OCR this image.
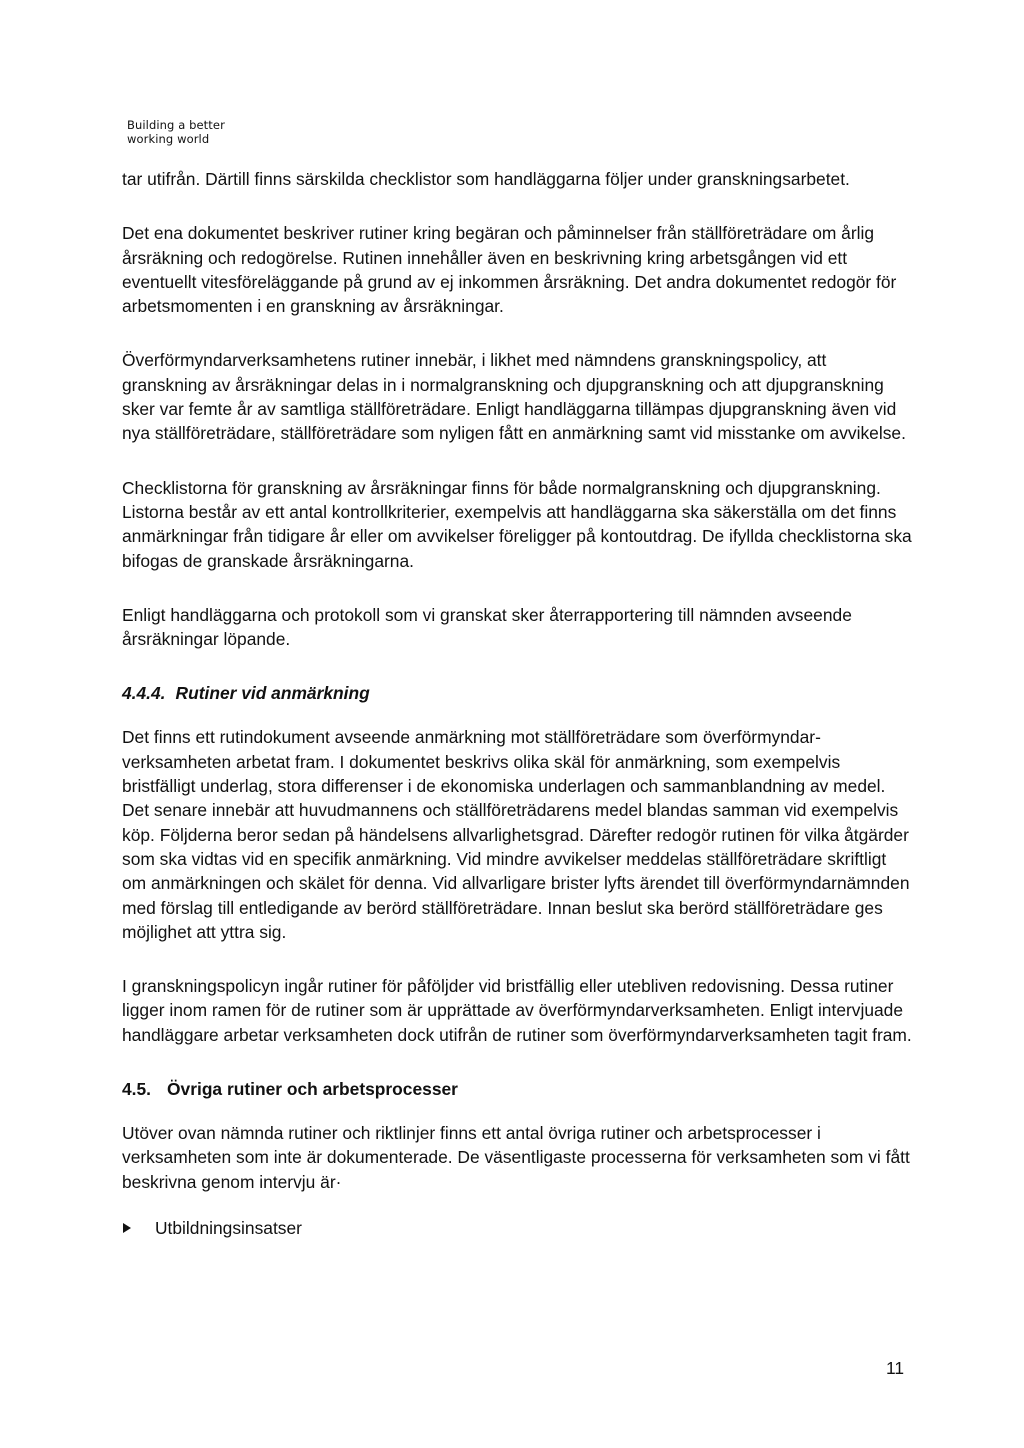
Building a better
working world

tar utifrån. Därtill finns särskilda checklistor som handläggarna följer under granskningsarbetet.

Det ena dokumentet beskriver rutiner kring begäran och påminnelser från ställföreträdare om årlig årsräkning och redogörelse. Rutinen innehåller även en beskrivning kring arbetsgången vid ett eventuellt vitesföreläggande på grund av ej inkommen årsräkning. Det andra dokumentet redogör för arbetsmomenten i en granskning av årsräkningar.

Överförmyndarverksamhetens rutiner innebär, i likhet med nämndens granskningspolicy, att granskning av årsräkningar delas in i normalgranskning och djupgranskning och att djupgranskning sker var femte år av samtliga ställföreträdare. Enligt handläggarna tillämpas djupgranskning även vid nya ställföreträdare, ställföreträdare som nyligen fått en anmärkning samt vid misstanke om avvikelse.

Checklistorna för granskning av årsräkningar finns för både normalgranskning och djupgranskning. Listorna består av ett antal kontrollkriterier, exempelvis att handläggarna ska säkerställa om det finns anmärkningar från tidigare år eller om avvikelser föreligger på kontoutdrag. De ifyllda checklistorna ska bifogas de granskade årsräkningarna.

Enligt handläggarna och protokoll som vi granskat sker återrapportering till nämnden avseende årsräkningar löpande.

4.4.4. Rutiner vid anmärkning

Det finns ett rutindokument avseende anmärkning mot ställföreträdare som överförmyndarverksamheten arbetat fram. I dokumentet beskrivs olika skäl för anmärkning, som exempelvis bristfälligt underlag, stora differenser i de ekonomiska underlagen och sammanblandning av medel. Det senare innebär att huvudmannens och ställföreträdarens medel blandas samman vid exempelvis köp. Följderna beror sedan på händelsens allvarlighetsgrad. Därefter redogör rutinen för vilka åtgärder som ska vidtas vid en specifik anmärkning. Vid mindre avvikelser meddelas ställföreträdare skriftligt om anmärkningen och skälet för denna. Vid allvarligare brister lyfts ärendet till överförmyndarnämnden med förslag till entledigande av berörd ställföreträdare. Innan beslut ska berörd ställföreträdare ges möjlighet att yttra sig.

I granskningspolicyn ingår rutiner för påföljder vid bristfällig eller utebliven redovisning. Dessa rutiner ligger inom ramen för de rutiner som är upprättade av överförmyndarverksamheten. Enligt intervjuade handläggare arbetar verksamheten dock utifrån de rutiner som överförmyndarverksamheten tagit fram.

4.5. Övriga rutiner och arbetsprocesser

Utöver ovan nämnda rutiner och riktlinjer finns ett antal övriga rutiner och arbetsprocesser i verksamheten som inte är dokumenterade. De väsentligaste processerna för verksamheten som vi fått beskrivna genom intervju är·

Utbildningsinsatser
11
